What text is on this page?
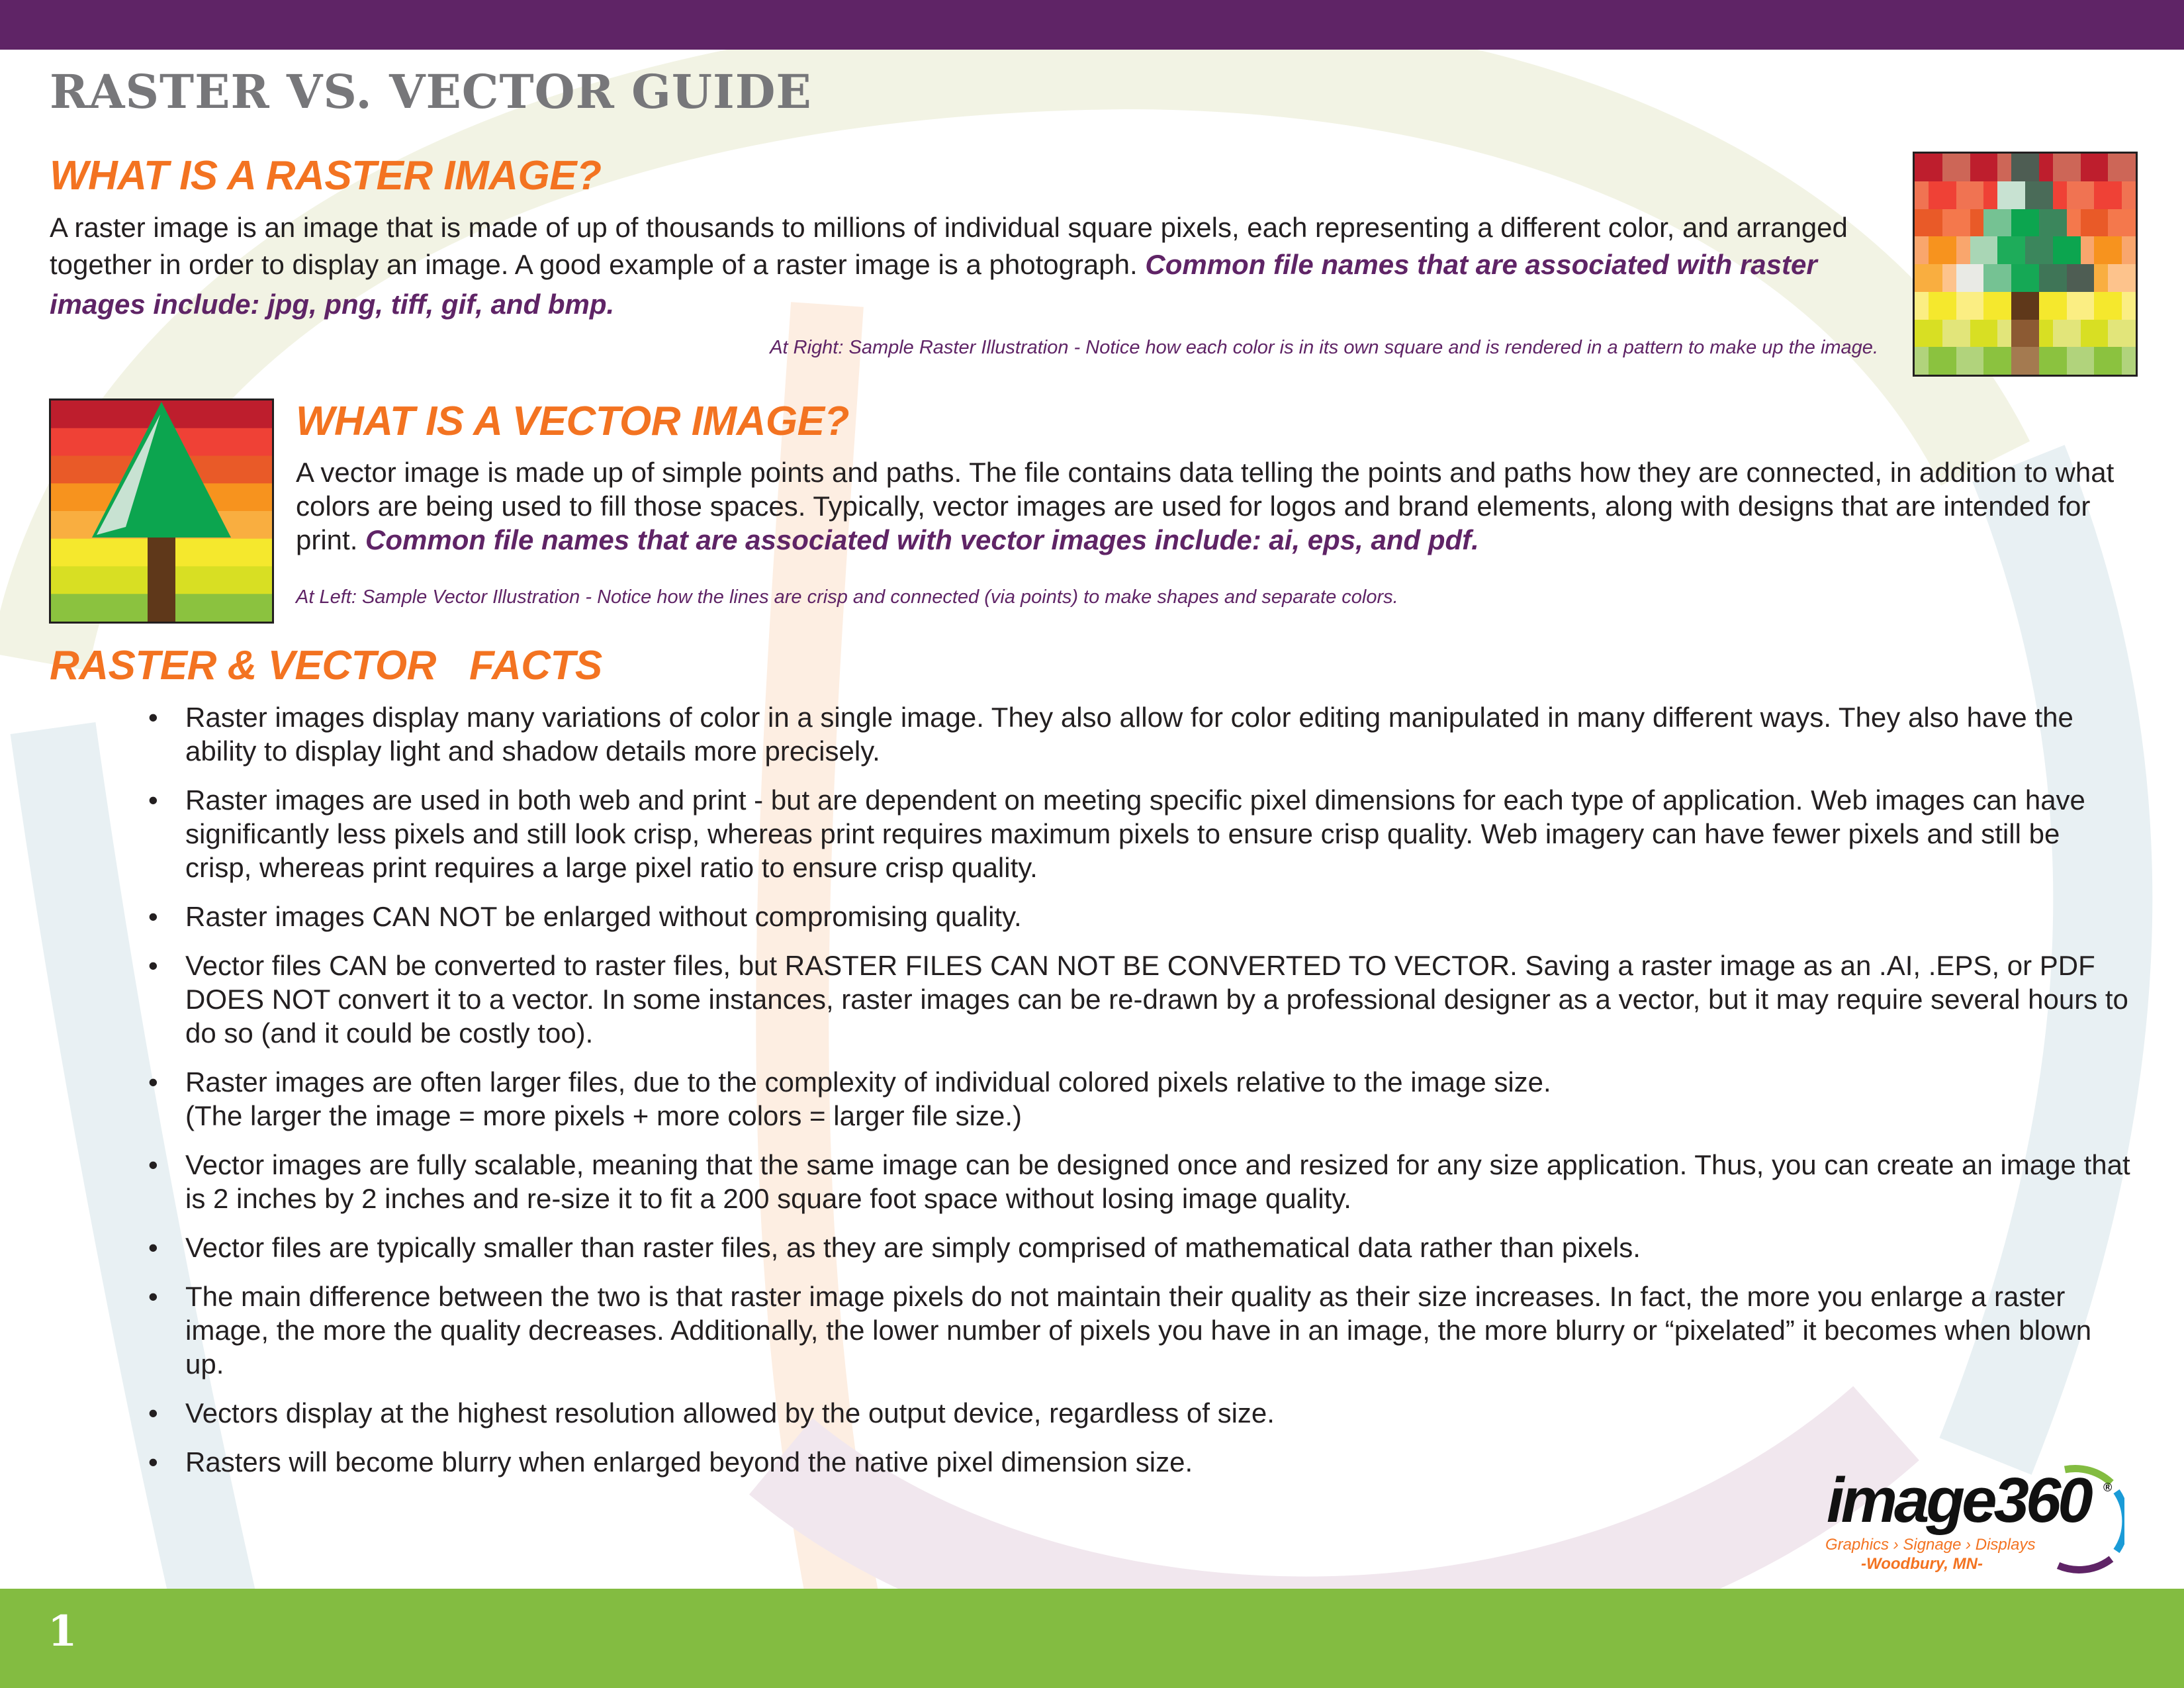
RASTER VS. VECTOR GUIDE
WHAT IS A RASTER IMAGE?

A raster image is an image that is made of up of thousands to millions of individual square pixels, each representing a different color, and arranged together in order to display an image. A good example of a raster image is a photograph. Common file names that are associated with raster images include: jpg, png, tiff, gif, and bmp.

At Right: Sample Raster Illustration - Notice how each color is in its own square and is rendered in a pattern to make up the image.

WHAT IS A VECTOR IMAGE?

A vector image is made up of simple points and paths. The file contains data telling the points and paths how they are connected, in addition to what colors are being used to fill those spaces. Typically, vector images are used for logos and brand elements, along with designs that are intended for print. Common file names that are associated with vector images include: ai, eps, and pdf.

At Left: Sample Vector Illustration - Notice how the lines are crisp and connected (via points) to make shapes and separate colors.

RASTER & VECTOR   FACTS
• Raster images display many variations of color in a single image. They also allow for color editing manipulated in many different ways. They also have the ability to display light and shadow details more precisely.
• Raster images are used in both web and print - but are dependent on meeting specific pixel dimensions for each type of application. Web images can have significantly less pixels and still look crisp, whereas print requires maximum pixels to ensure crisp quality. Web imagery can have fewer pixels and still be crisp, whereas print requires a large pixel ratio to ensure crisp quality.
• Raster images CAN NOT be enlarged without compromising quality.
• Vector files CAN be converted to raster files, but RASTER FILES CAN NOT BE CONVERTED TO VECTOR. Saving a raster image as an .AI, .EPS, or PDF DOES NOT convert it to a vector. In some instances, raster images can be re-drawn by a professional designer as a vector, but it may require several hours to do so (and it could be costly too).
• Raster images are often larger files, due to the complexity of individual colored pixels relative to the image size.
(The larger the image = more pixels + more colors = larger file size.)
• Vector images are fully scalable, meaning that the same image can be designed once and resized for any size application. Thus, you can create an image that is 2 inches by 2 inches and re-size it to fit a 200 square foot space without losing image quality.
• Vector files are typically smaller than raster files, as they are simply comprised of mathematical data rather than pixels.
• The main difference between the two is that raster image pixels do not maintain their quality as their size increases. In fact, the more you enlarge a raster image, the more the quality decreases. Additionally, the lower number of pixels you have in an image, the more blurry or “pixelated” it becomes when blown up.
• Vectors display at the highest resolution allowed by the output device, regardless of size.
• Rasters will become blurry when enlarged beyond the native pixel dimension size.
image360 ®
Graphics › Signage › Displays
-Woodbury, MN-
1
